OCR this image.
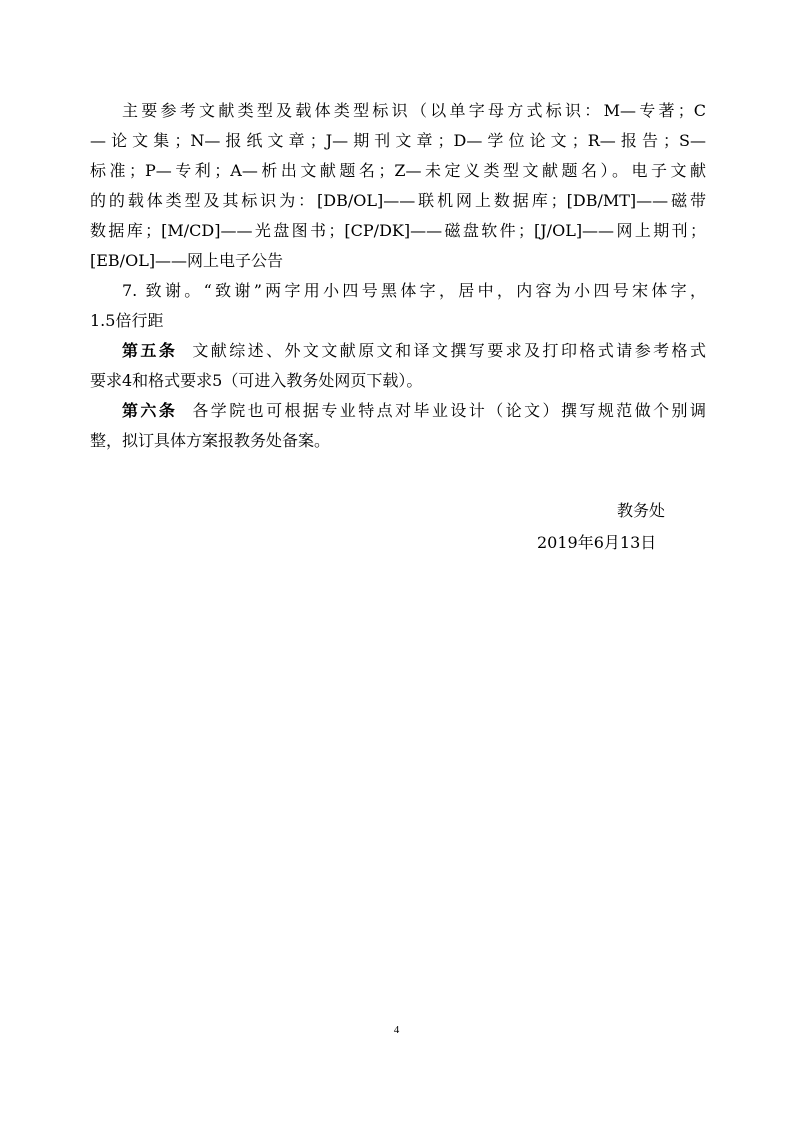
主要参考文献类型及载体类型标识（以单字母方式标识：M—专著；C
—论文集；N—报纸文章；J—期刊文章；D—学位论文；R—报告；S—
标准；P—专利；A—析出文献题名；Z—未定义类型文献题名）。电子文献
的的载体类型及其标识为：[DB/OL]——联机网上数据库；[DB/MT]——磁带
数据库；[M/CD]——光盘图书；[CP/DK]——磁盘软件；[J/OL]——网上期刊；
[EB/OL]——网上电子公告
7. 致谢。“致谢”两字用小四号黑体字，居中，内容为小四号宋体字，
1.5倍行距
第五条 文献综述、外文文献原文和译文撰写要求及打印格式请参考格式
要求4和格式要求5（可进入教务处网页下载）。
第六条 各学院也可根据专业特点对毕业设计（论文）撰写规范做个别调
整，拟订具体方案报教务处备案。
教务处
2019年6月13日
4
